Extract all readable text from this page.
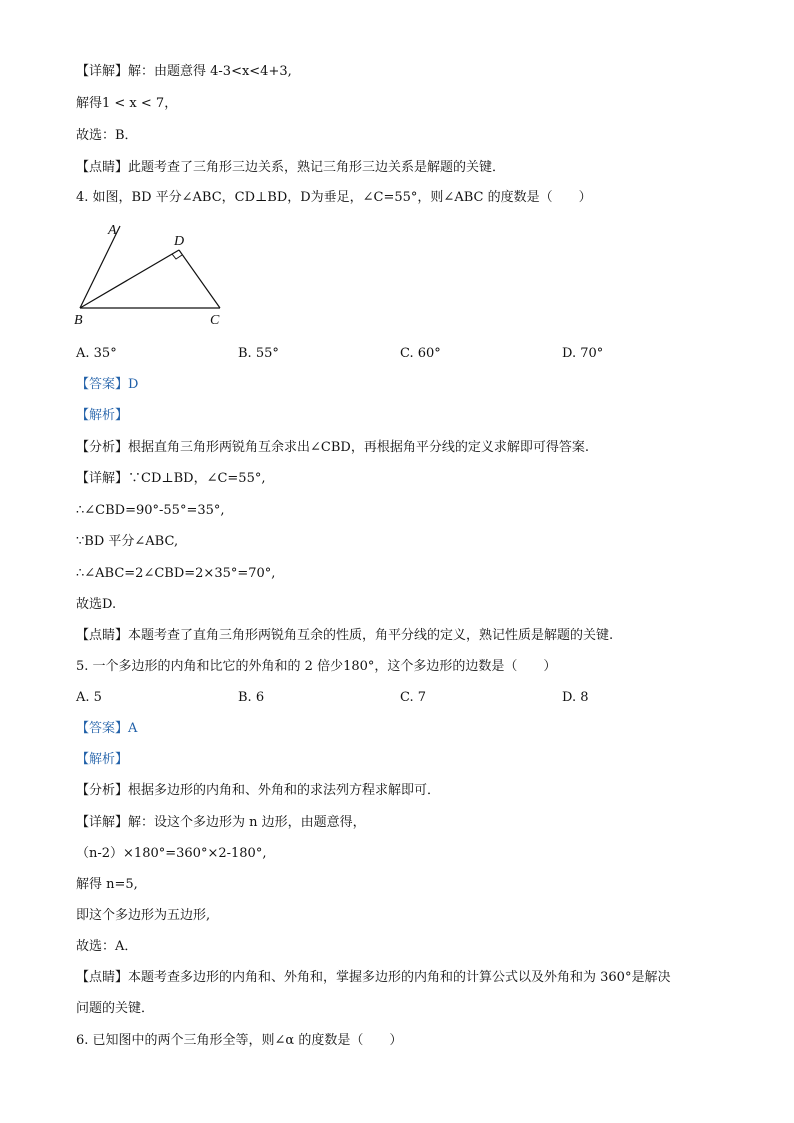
【详解】解：由题意得 4-3<x<4+3,
解得1 < x < 7，
故选：B．
【点睛】此题考查了三角形三边关系，熟记三角形三边关系是解题的关键．
4. 如图，BD 平分∠ABC，CD⊥BD，D为垂足，∠C=55°，则∠ABC 的度数是（　　）
A
D
B	C
A. 35°	B. 55°	C. 60°	D. 70°
【答案】D
【解析】
【分析】根据直角三角形两锐角互余求出∠CBD，再根据角平分线的定义求解即可得答案.
【详解】∵CD⊥BD，∠C=55°,
∴∠CBD=90°-55°=35°,
∵BD 平分∠ABC,
∴∠ABC=2∠CBD=2×35°=70°,
故选D.
【点睛】本题考查了直角三角形两锐角互余的性质，角平分线的定义，熟记性质是解题的关键.
5. 一个多边形的内角和比它的外角和的 2 倍少180°，这个多边形的边数是（　　）
A. 5	B. 6	C. 7	D. 8
【答案】A
【解析】
【分析】根据多边形的内角和、外角和的求法列方程求解即可．
【详解】解：设这个多边形为 n 边形，由题意得，
（n-2）×180°=360°×2-180°,
解得 n=5,
即这个多边形为五边形,
故选：A．
【点睛】本题考查多边形的内角和、外角和，掌握多边形的内角和的计算公式以及外角和为 360°是解决
问题的关键．
6. 已知图中的两个三角形全等，则∠α 的度数是（　　）
